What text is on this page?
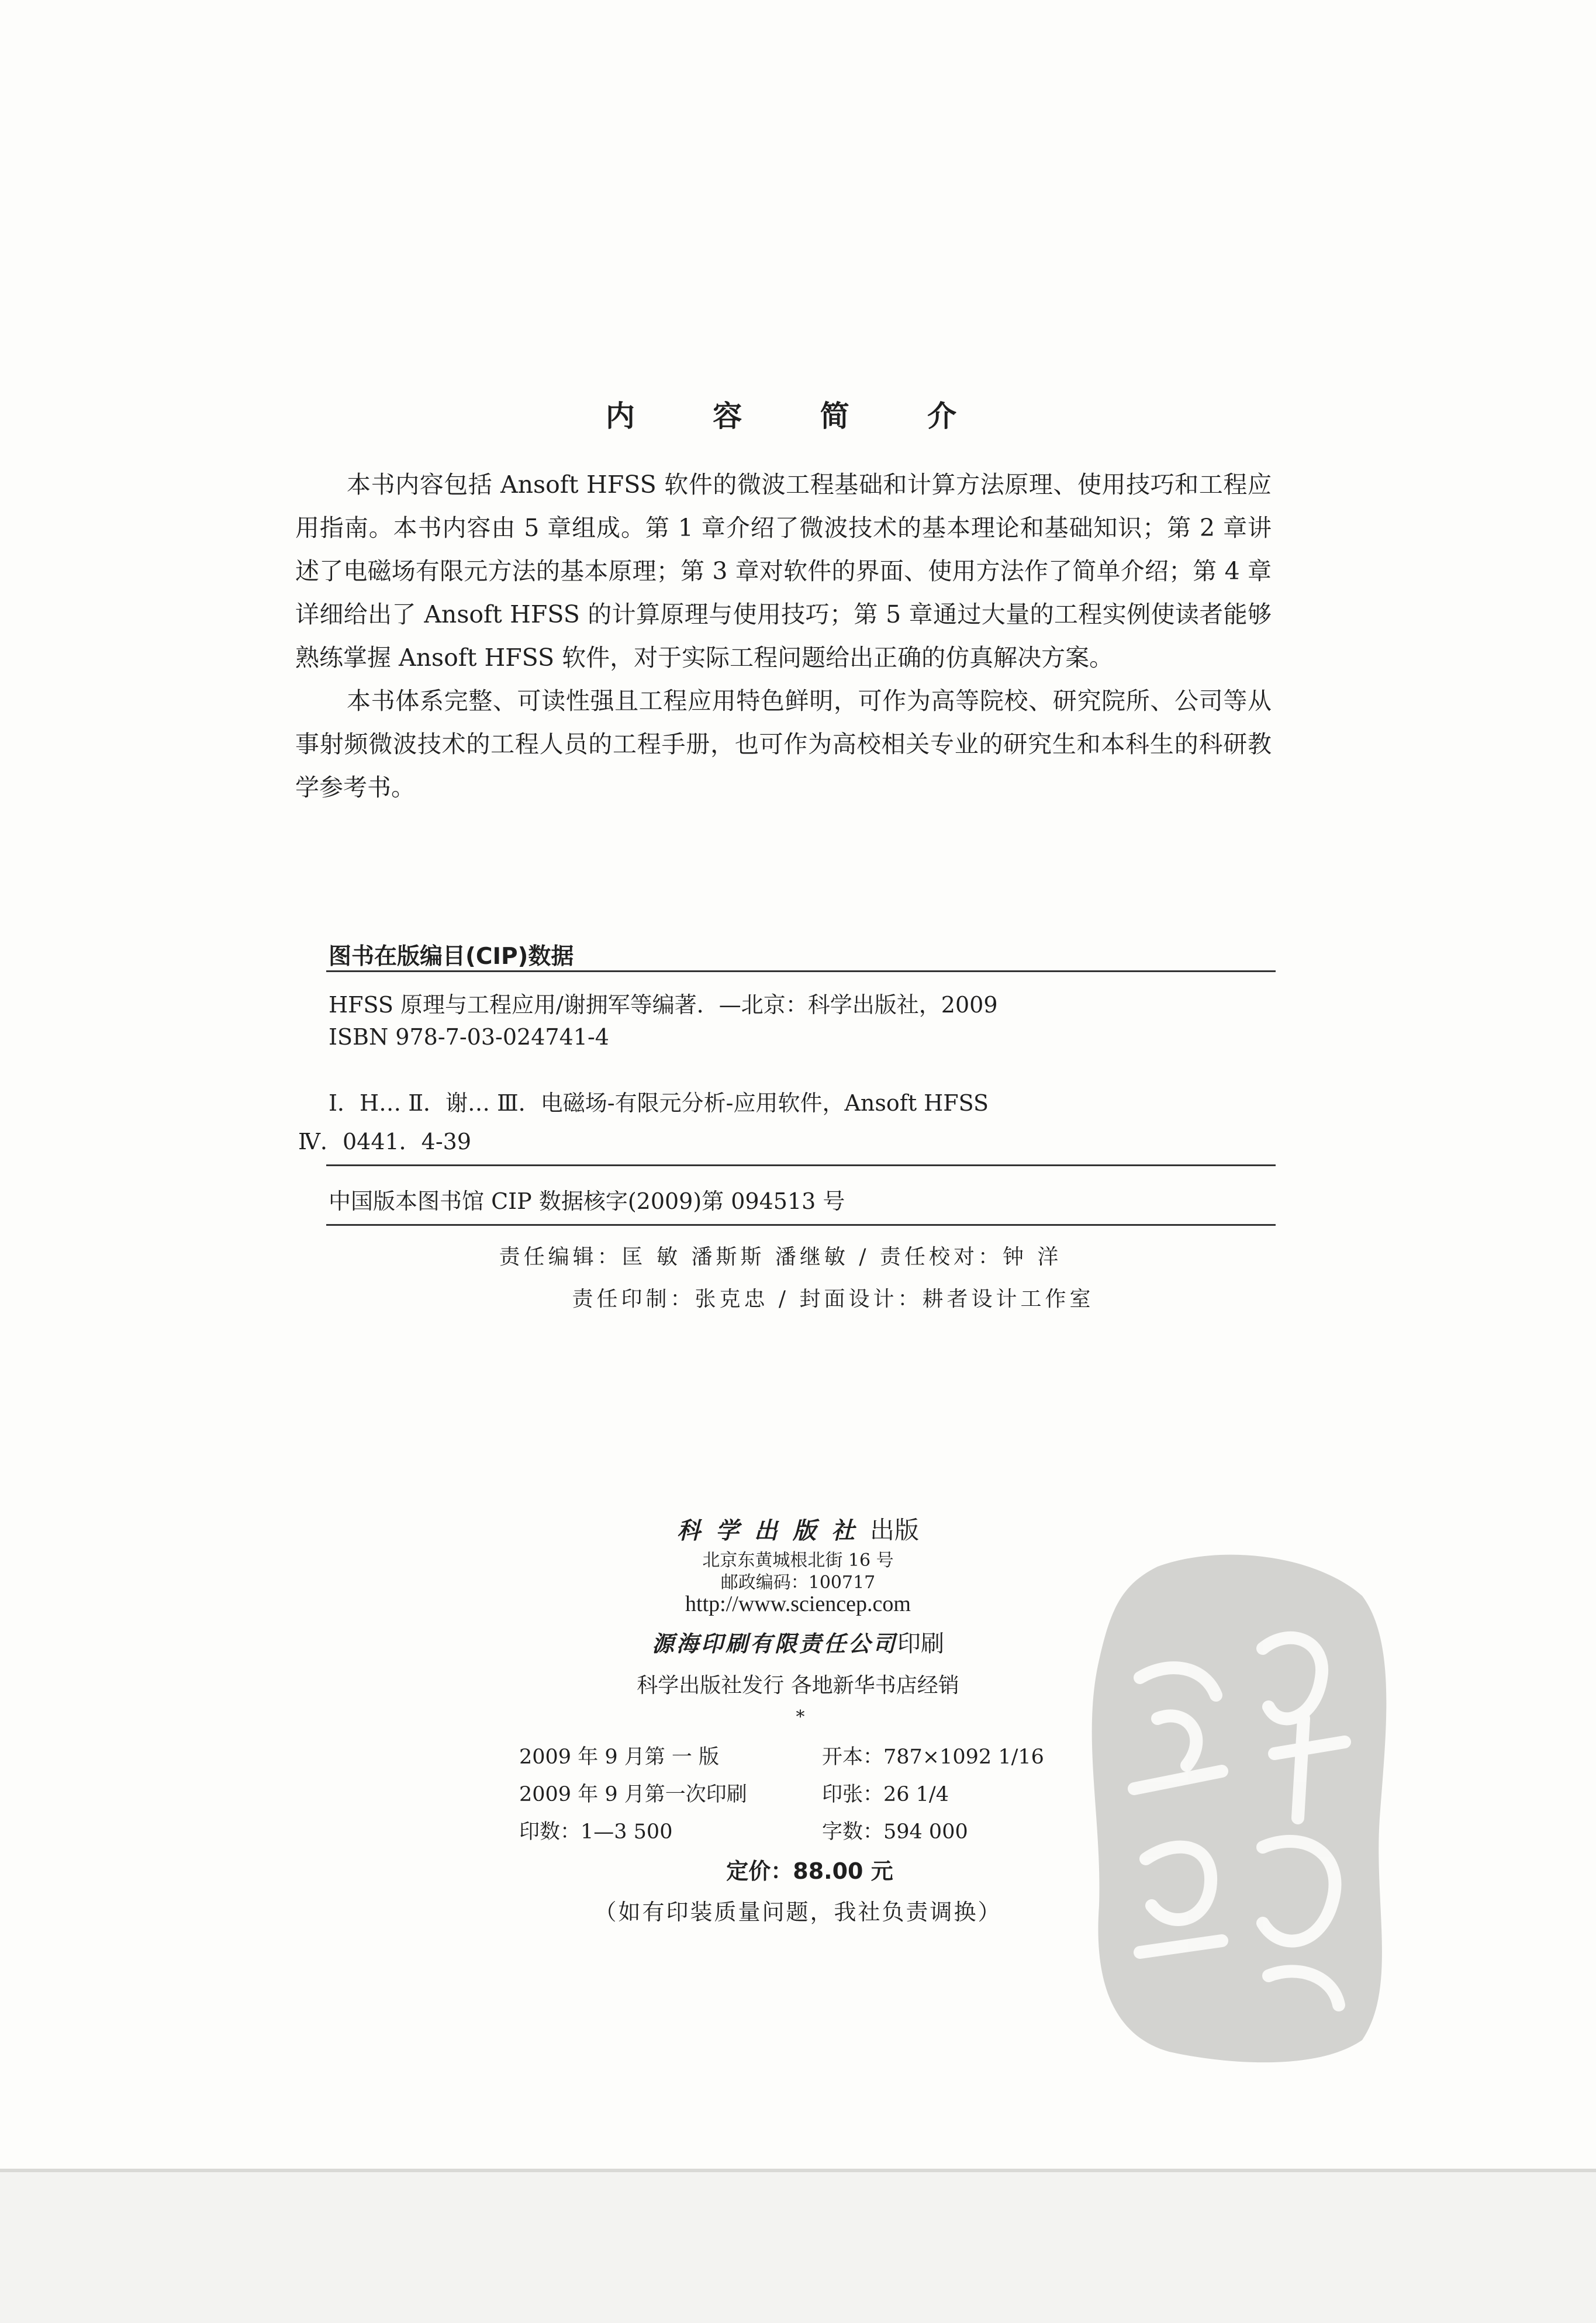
内 容 简 介

本书内容包括 Ansoft HFSS 软件的微波工程基础和计算方法原理、使用技巧和工程应用指南。本书内容由 5 章组成。第 1 章介绍了微波技术的基本理论和基础知识；第 2 章讲述了电磁场有限元方法的基本原理；第 3 章对软件的界面、使用方法作了简单介绍；第 4 章详细给出了 Ansoft HFSS 的计算原理与使用技巧；第 5 章通过大量的工程实例使读者能够熟练掌握 Ansoft HFSS 软件，对于实际工程问题给出正确的仿真解决方案。

本书体系完整、可读性强且工程应用特色鲜明，可作为高等院校、研究院所、公司等从事射频微波技术的工程人员的工程手册，也可作为高校相关专业的研究生和本科生的科研教学参考书。

图书在版编目(CIP)数据
HFSS 原理与工程应用/谢拥军等编著．—北京：科学出版社，2009
ISBN 978-7-03-024741-4
Ⅰ．H… Ⅱ．谢… Ⅲ．电磁场-有限元分析-应用软件，Ansoft HFSS
Ⅳ．0441．4-39
中国版本图书馆 CIP 数据核字(2009)第 094513 号
责任编辑：匡 敏 潘斯斯 潘继敏 / 责任校对：钟 洋
责任印制：张克忠 / 封面设计：耕者设计工作室
科学出版社出版
北京东黄城根北街 16 号
邮政编码：100717
http://www.sciencep.com
源海印刷有限责任公司印刷
科学出版社发行 各地新华书店经销
*
2009 年 9 月第 一 版	开本：787×1092 1/16
2009 年 9 月第一次印刷	印张：26 1/4
印数：1—3 500	字数：594 000
定价：88.00 元
（如有印装质量问题，我社负责调换）
